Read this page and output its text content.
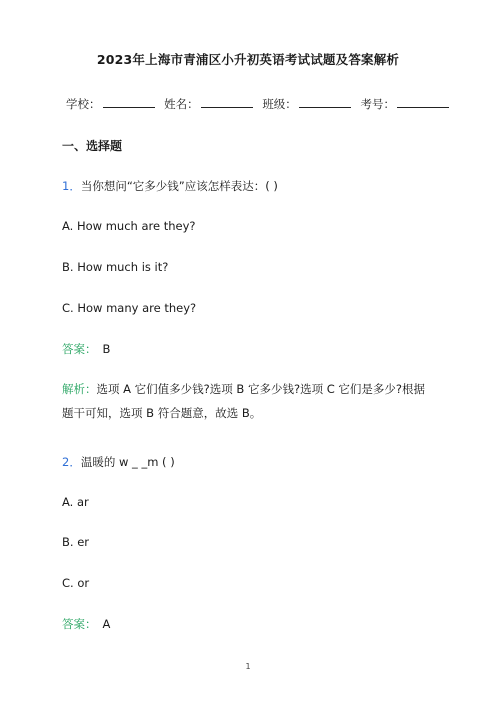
2023年上海市青浦区小升初英语考试试题及答案解析
学校：	姓名：	班级：	考号：
一、选择题
1．当你想问“它多少钱”应该怎样表达：( )
A. How much are they?
B. How much is it?
C. How many are they?
答案： B
解析：选项 A 它们值多少钱?选项 B 它多少钱?选项 C 它们是多少?根据题干可知，选项 B 符合题意，故选 B。
2．温暖的 w _ _m ( )
A. ar
B. er
C. or
答案： A
1
